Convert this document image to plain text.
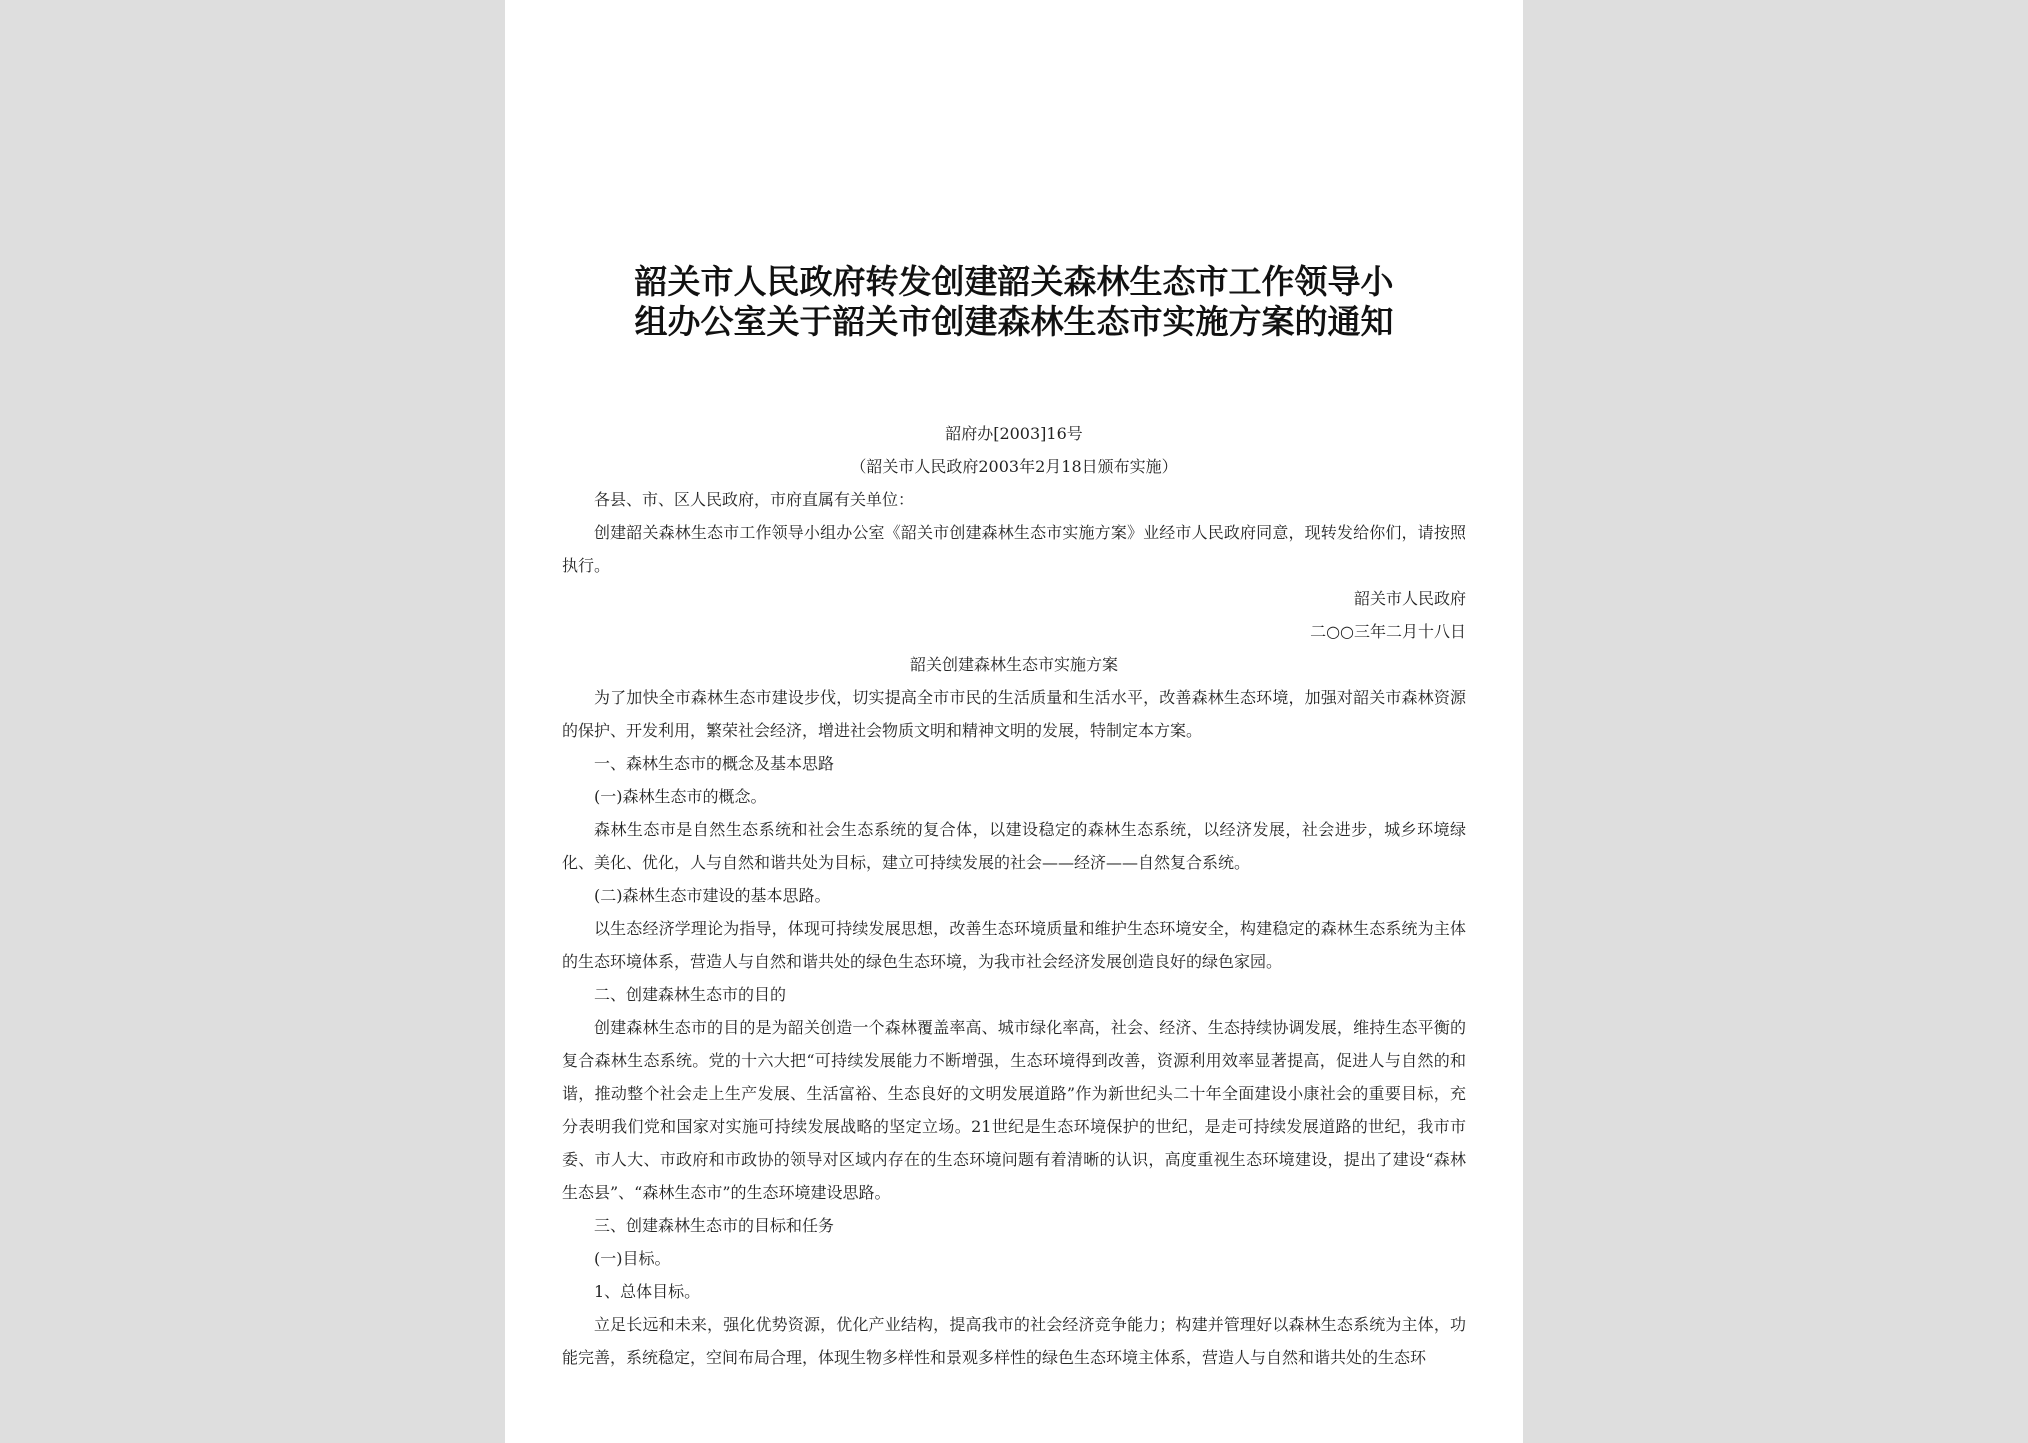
韶关市人民政府转发创建韶关森林生态市工作领导小
组办公室关于韶关市创建森林生态市实施方案的通知

韶府办[2003]16号

（韶关市人民政府2003年2月18日颁布实施）

各县、市、区人民政府，市府直属有关单位：

创建韶关森林生态市工作领导小组办公室《韶关市创建森林生态市实施方案》业经市人民政府同意，现转发给你们，请按照执行。

韶关市人民政府

二○○三年二月十八日

韶关创建森林生态市实施方案

为了加快全市森林生态市建设步伐，切实提高全市市民的生活质量和生活水平，改善森林生态环境，加强对韶关市森林资源的保护、开发利用，繁荣社会经济，增进社会物质文明和精神文明的发展，特制定本方案。

一、森林生态市的概念及基本思路

(一)森林生态市的概念。

森林生态市是自然生态系统和社会生态系统的复合体，以建设稳定的森林生态系统，以经济发展，社会进步，城乡环境绿化、美化、优化，人与自然和谐共处为目标，建立可持续发展的社会——经济——自然复合系统。

(二)森林生态市建设的基本思路。

以生态经济学理论为指导，体现可持续发展思想，改善生态环境质量和维护生态环境安全，构建稳定的森林生态系统为主体的生态环境体系，营造人与自然和谐共处的绿色生态环境，为我市社会经济发展创造良好的绿色家园。

二、创建森林生态市的目的

创建森林生态市的目的是为韶关创造一个森林覆盖率高、城市绿化率高，社会、经济、生态持续协调发展，维持生态平衡的复合森林生态系统。党的十六大把“可持续发展能力不断增强，生态环境得到改善，资源利用效率显著提高，促进人与自然的和谐，推动整个社会走上生产发展、生活富裕、生态良好的文明发展道路”作为新世纪头二十年全面建设小康社会的重要目标，充分表明我们党和国家对实施可持续发展战略的坚定立场。21世纪是生态环境保护的世纪，是走可持续发展道路的世纪，我市市委、市人大、市政府和市政协的领导对区域内存在的生态环境问题有着清晰的认识，高度重视生态环境建设，提出了建设“森林生态县”、“森林生态市”的生态环境建设思路。

三、创建森林生态市的目标和任务

(一)目标。

1、总体目标。

立足长远和未来，强化优势资源，优化产业结构，提高我市的社会经济竞争能力；构建并管理好以森林生态系统为主体，功能完善，系统稳定，空间布局合理，体现生物多样性和景观多样性的绿色生态环境主体系，营造人与自然和谐共处的生态环
